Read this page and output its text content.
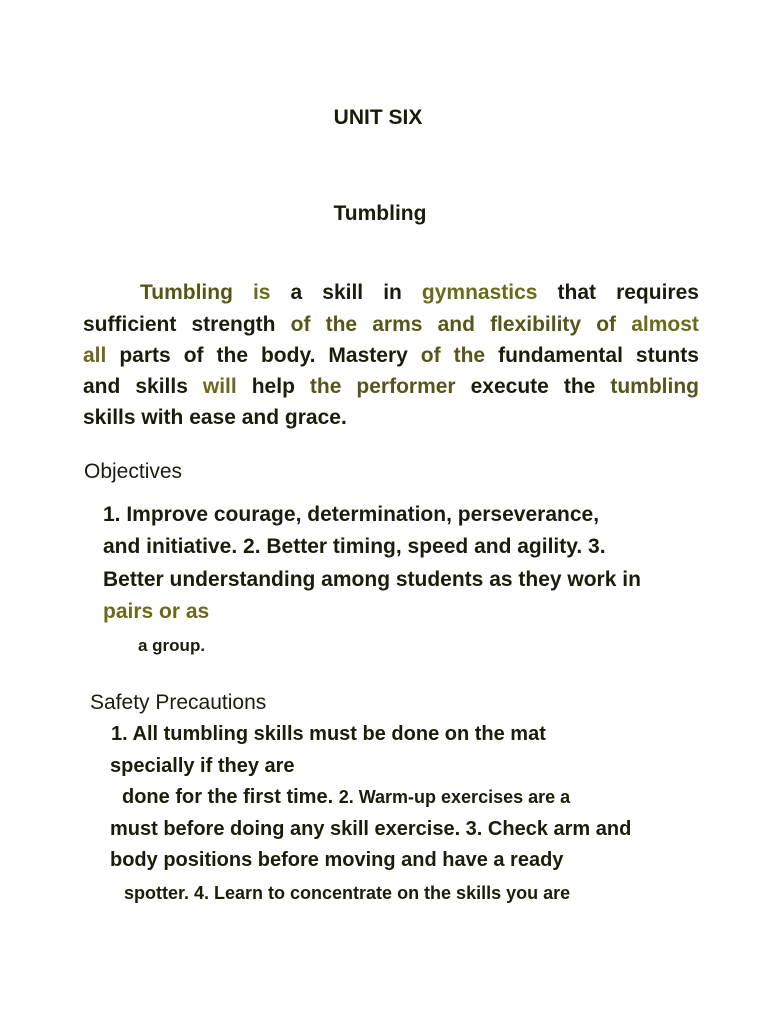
UNIT SIX
Tumbling
Tumbling is a skill in gymnastics that requires
sufficient strength of the arms and flexibility of almost
all parts of the body. Mastery of the fundamental stunts
and skills will help the performer execute the tumbling
skills with ease and grace.
Objectives
1. Improve courage, determination, perseverance,
and initiative. 2. Better timing, speed and agility. 3.
Better understanding among students as they work in
pairs or as
a group.
Safety Precautions
1. All tumbling skills must be done on the mat
specially if they are
done for the first time. 2. Warm-up exercises are a
must before doing any skill exercise. 3. Check arm and
body positions before moving and have a ready
spotter. 4. Learn to concentrate on the skills you are
